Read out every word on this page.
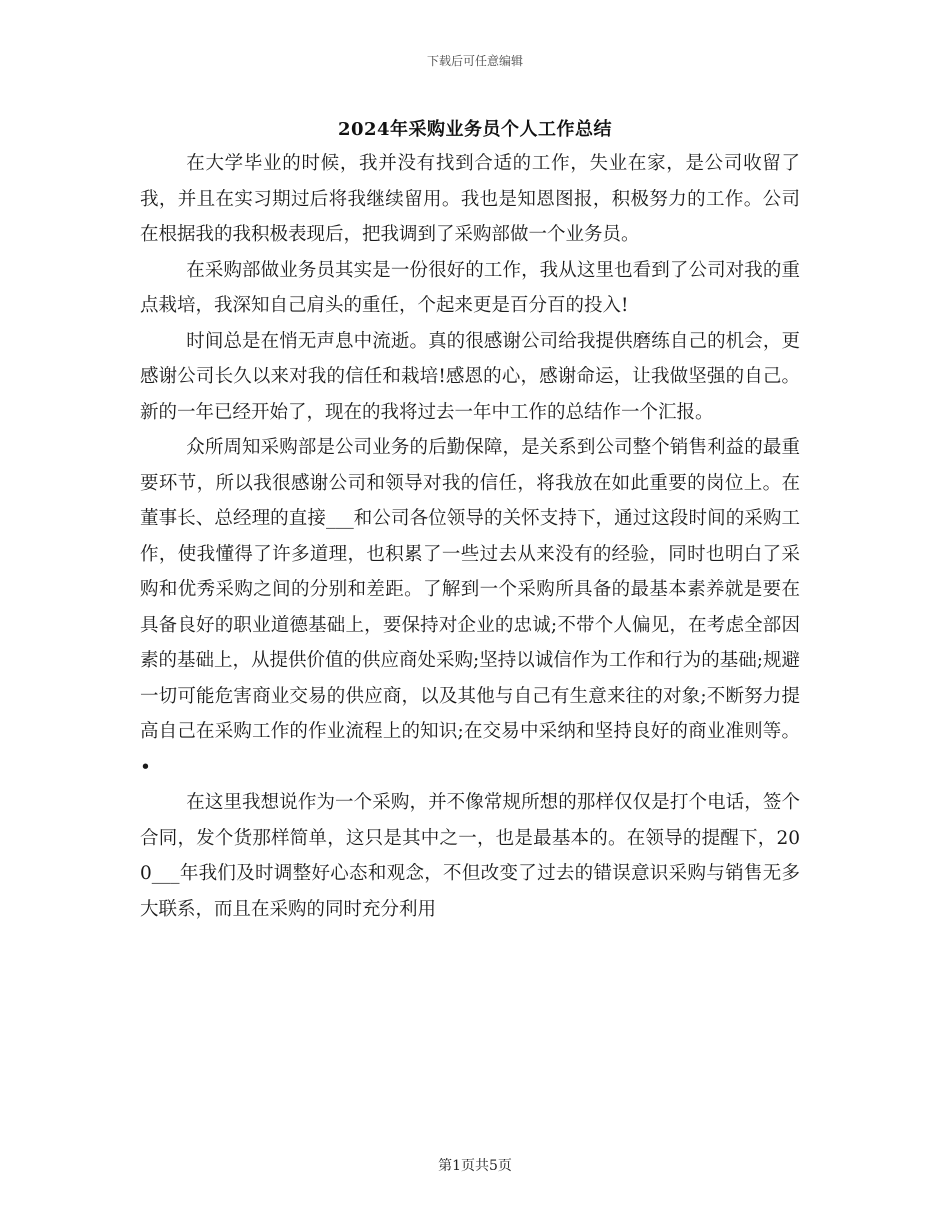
下载后可任意编辑
2024年采购业务员个人工作总结

在大学毕业的时候，我并没有找到合适的工作，失业在家，是公司收留了我，并且在实习期过后将我继续留用。我也是知恩图报，积极努力的工作。公司在根据我的我积极表现后，把我调到了采购部做一个业务员。

在采购部做业务员其实是一份很好的工作，我从这里也看到了公司对我的重点栽培，我深知自己肩头的重任，个起来更是百分百的投入!

时间总是在悄无声息中流逝。真的很感谢公司给我提供磨练自己的机会，更感谢公司长久以来对我的信任和栽培!感恩的心，感谢命运，让我做坚强的自己。新的一年已经开始了，现在的我将过去一年中工作的总结作一个汇报。

众所周知采购部是公司业务的后勤保障，是关系到公司整个销售利益的最重要环节，所以我很感谢公司和领导对我的信任，将我放在如此重要的岗位上。在董事长、总经理的直接___和公司各位领导的关怀支持下，通过这段时间的采购工作，使我懂得了许多道理，也积累了一些过去从来没有的经验，同时也明白了采购和优秀采购之间的分别和差距。了解到一个采购所具备的最基本素养就是要在具备良好的职业道德基础上，要保持对企业的忠诚;不带个人偏见，在考虑全部因素的基础上，从提供价值的供应商处采购;坚持以诚信作为工作和行为的基础;规避一切可能危害商业交易的供应商，以及其他与自己有生意来往的对象;不断努力提高自己在采购工作的作业流程上的知识;在交易中采纳和坚持良好的商业准则等。•

在这里我想说作为一个采购，并不像常规所想的那样仅仅是打个电话，签个合同，发个货那样简单，这只是其中之一，也是最基本的。在领导的提醒下，200___年我们及时调整好心态和观念，不但改变了过去的错误意识采购与销售无多大联系，而且在采购的同时充分利用

第1页共5页
